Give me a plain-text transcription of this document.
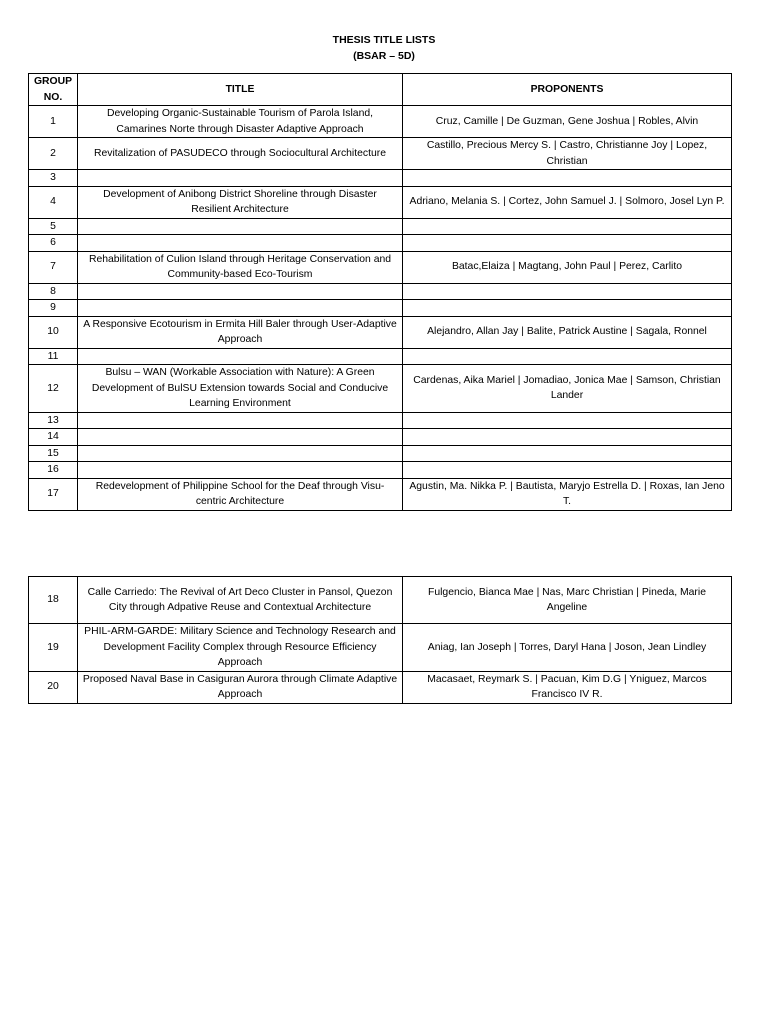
THESIS TITLE LISTS
(BSAR – 5D)
GROUP NO.	TITLE	PROPONENTS
1	Developing Organic-Sustainable Tourism of Parola Island, Camarines Norte through Disaster Adaptive Approach	Cruz, Camille | De Guzman, Gene Joshua | Robles, Alvin
2	Revitalization of PASUDECO through Sociocultural Architecture	Castillo, Precious Mercy S. | Castro, Christianne Joy | Lopez, Christian
3		
4	Development of Anibong District Shoreline through Disaster Resilient Architecture	Adriano, Melania S. | Cortez, John Samuel J. | Solmoro, Josel Lyn P.
5		
6		
7	Rehabilitation of Culion Island through Heritage Conservation and Community-based Eco-Tourism	Batac,Elaiza | Magtang, John Paul | Perez, Carlito
8		
9		
10	A Responsive Ecotourism in Ermita Hill Baler through User-Adaptive Approach	Alejandro, Allan Jay | Balite, Patrick Austine | Sagala, Ronnel
11		
12	Bulsu – WAN (Workable Association with Nature): A Green Development of BulSU Extension towards Social and Conducive Learning Environment	Cardenas, Aika Mariel | Jomadiao, Jonica Mae | Samson, Christian Lander
13		
14		
15		
16		
17	Redevelopment of Philippine School for the Deaf through Visu-centric Architecture	Agustin, Ma. Nikka P. | Bautista, Maryjo Estrella D. | Roxas, Ian Jeno T.
18	Calle Carriedo: The Revival of Art Deco Cluster in Pansol, Quezon City through Adpative Reuse and Contextual Architecture	Fulgencio, Bianca Mae | Nas, Marc Christian | Pineda, Marie Angeline
19	PHIL-ARM-GARDE: Military Science and Technology Research and Development Facility Complex through Resource Efficiency Approach	Aniag, Ian Joseph | Torres, Daryl Hana | Joson, Jean Lindley
20	Proposed Naval Base in Casiguran Aurora through Climate Adaptive Approach	Macasaet, Reymark S. | Pacuan, Kim D.G | Yniguez, Marcos Francisco IV R.
